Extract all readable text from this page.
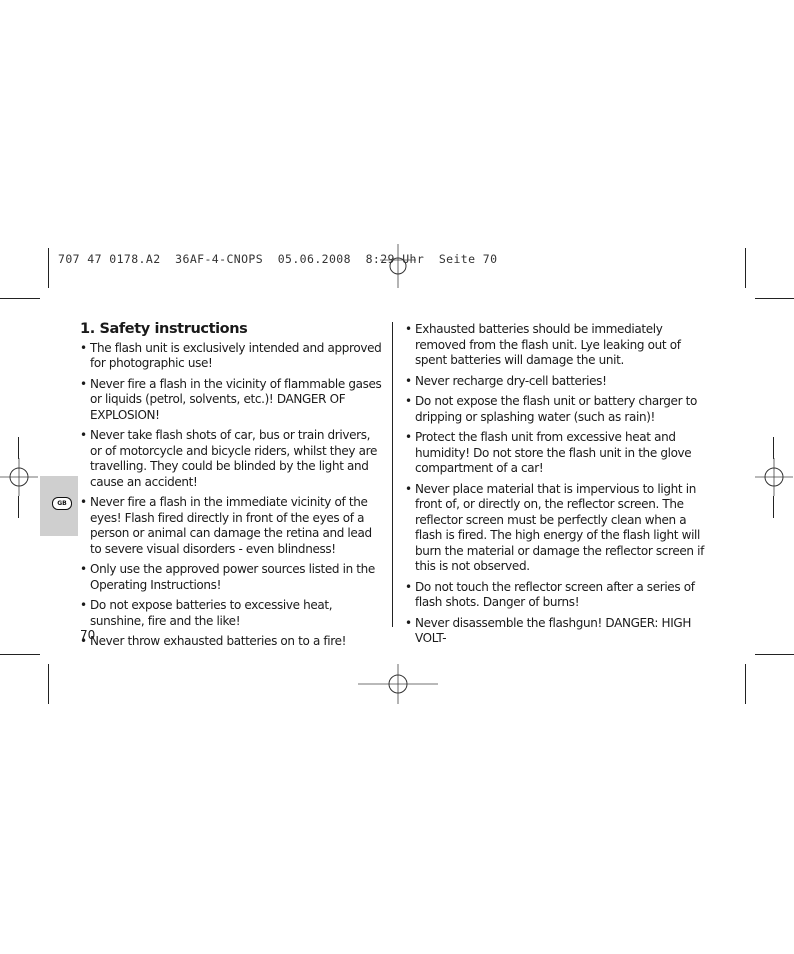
707 47 0178.A2  36AF-4-CNOPS  05.06.2008  8:29 Uhr  Seite 70
GB
1. Safety instructions
• The flash unit is exclusively intended and approved for photographic use!
• Never fire a flash in the vicinity of flammable gases or liquids (petrol, solvents, etc.)! DANGER OF EXPLOSION!
• Never take flash shots of car, bus or train drivers, or of motorcycle and bicycle riders, whilst they are travelling. They could be blinded by the light and cause an accident!
• Never fire a flash in the immediate vicinity of the eyes! Flash fired directly in front of the eyes of a person or animal can damage the retina and lead to severe visual disorders - even blindness!
• Only use the approved power sources listed in the Operating Instructions!
• Do not expose batteries to excessive heat, sunshine, fire and the like!
• Never throw exhausted batteries on to a fire!
• Exhausted batteries should be immediately removed from the flash unit. Lye leaking out of spent batteries will damage the unit.
• Never recharge dry-cell batteries!
• Do not expose the flash unit or battery charger to dripping or splashing water (such as rain)!
• Protect the flash unit from excessive heat and humidity! Do not store the flash unit in the glove compartment of a car!
• Never place material that is impervious to light in front of, or directly on, the reflector screen. The reflector screen must be perfectly clean when a flash is fired. The high energy of the flash light will burn the material or damage the reflector screen if this is not observed.
• Do not touch the reflector screen after a series of flash shots. Danger of burns!
• Never disassemble the flashgun! DANGER: HIGH VOLT-
70
